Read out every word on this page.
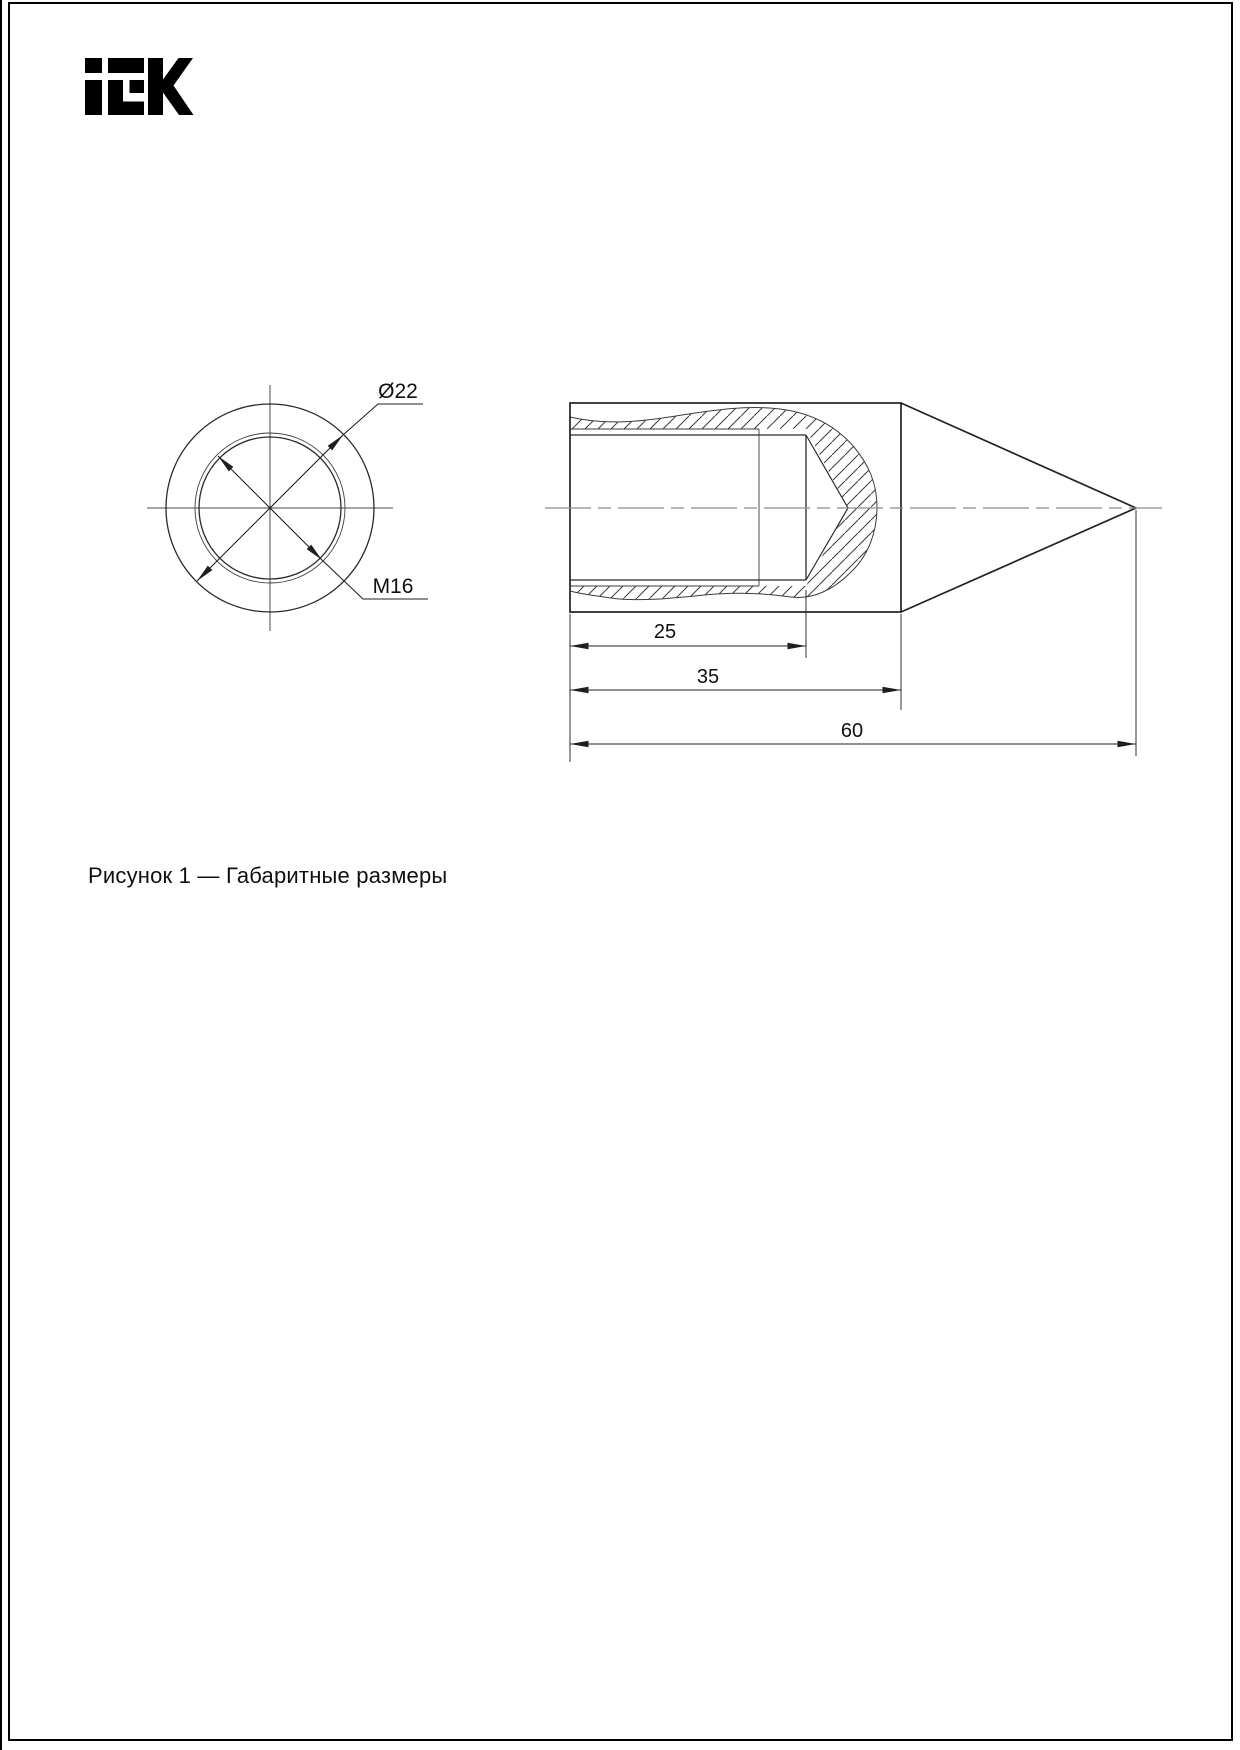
Ø22
M16
25
35
60
Рисунок 1 — Габаритные размеры
